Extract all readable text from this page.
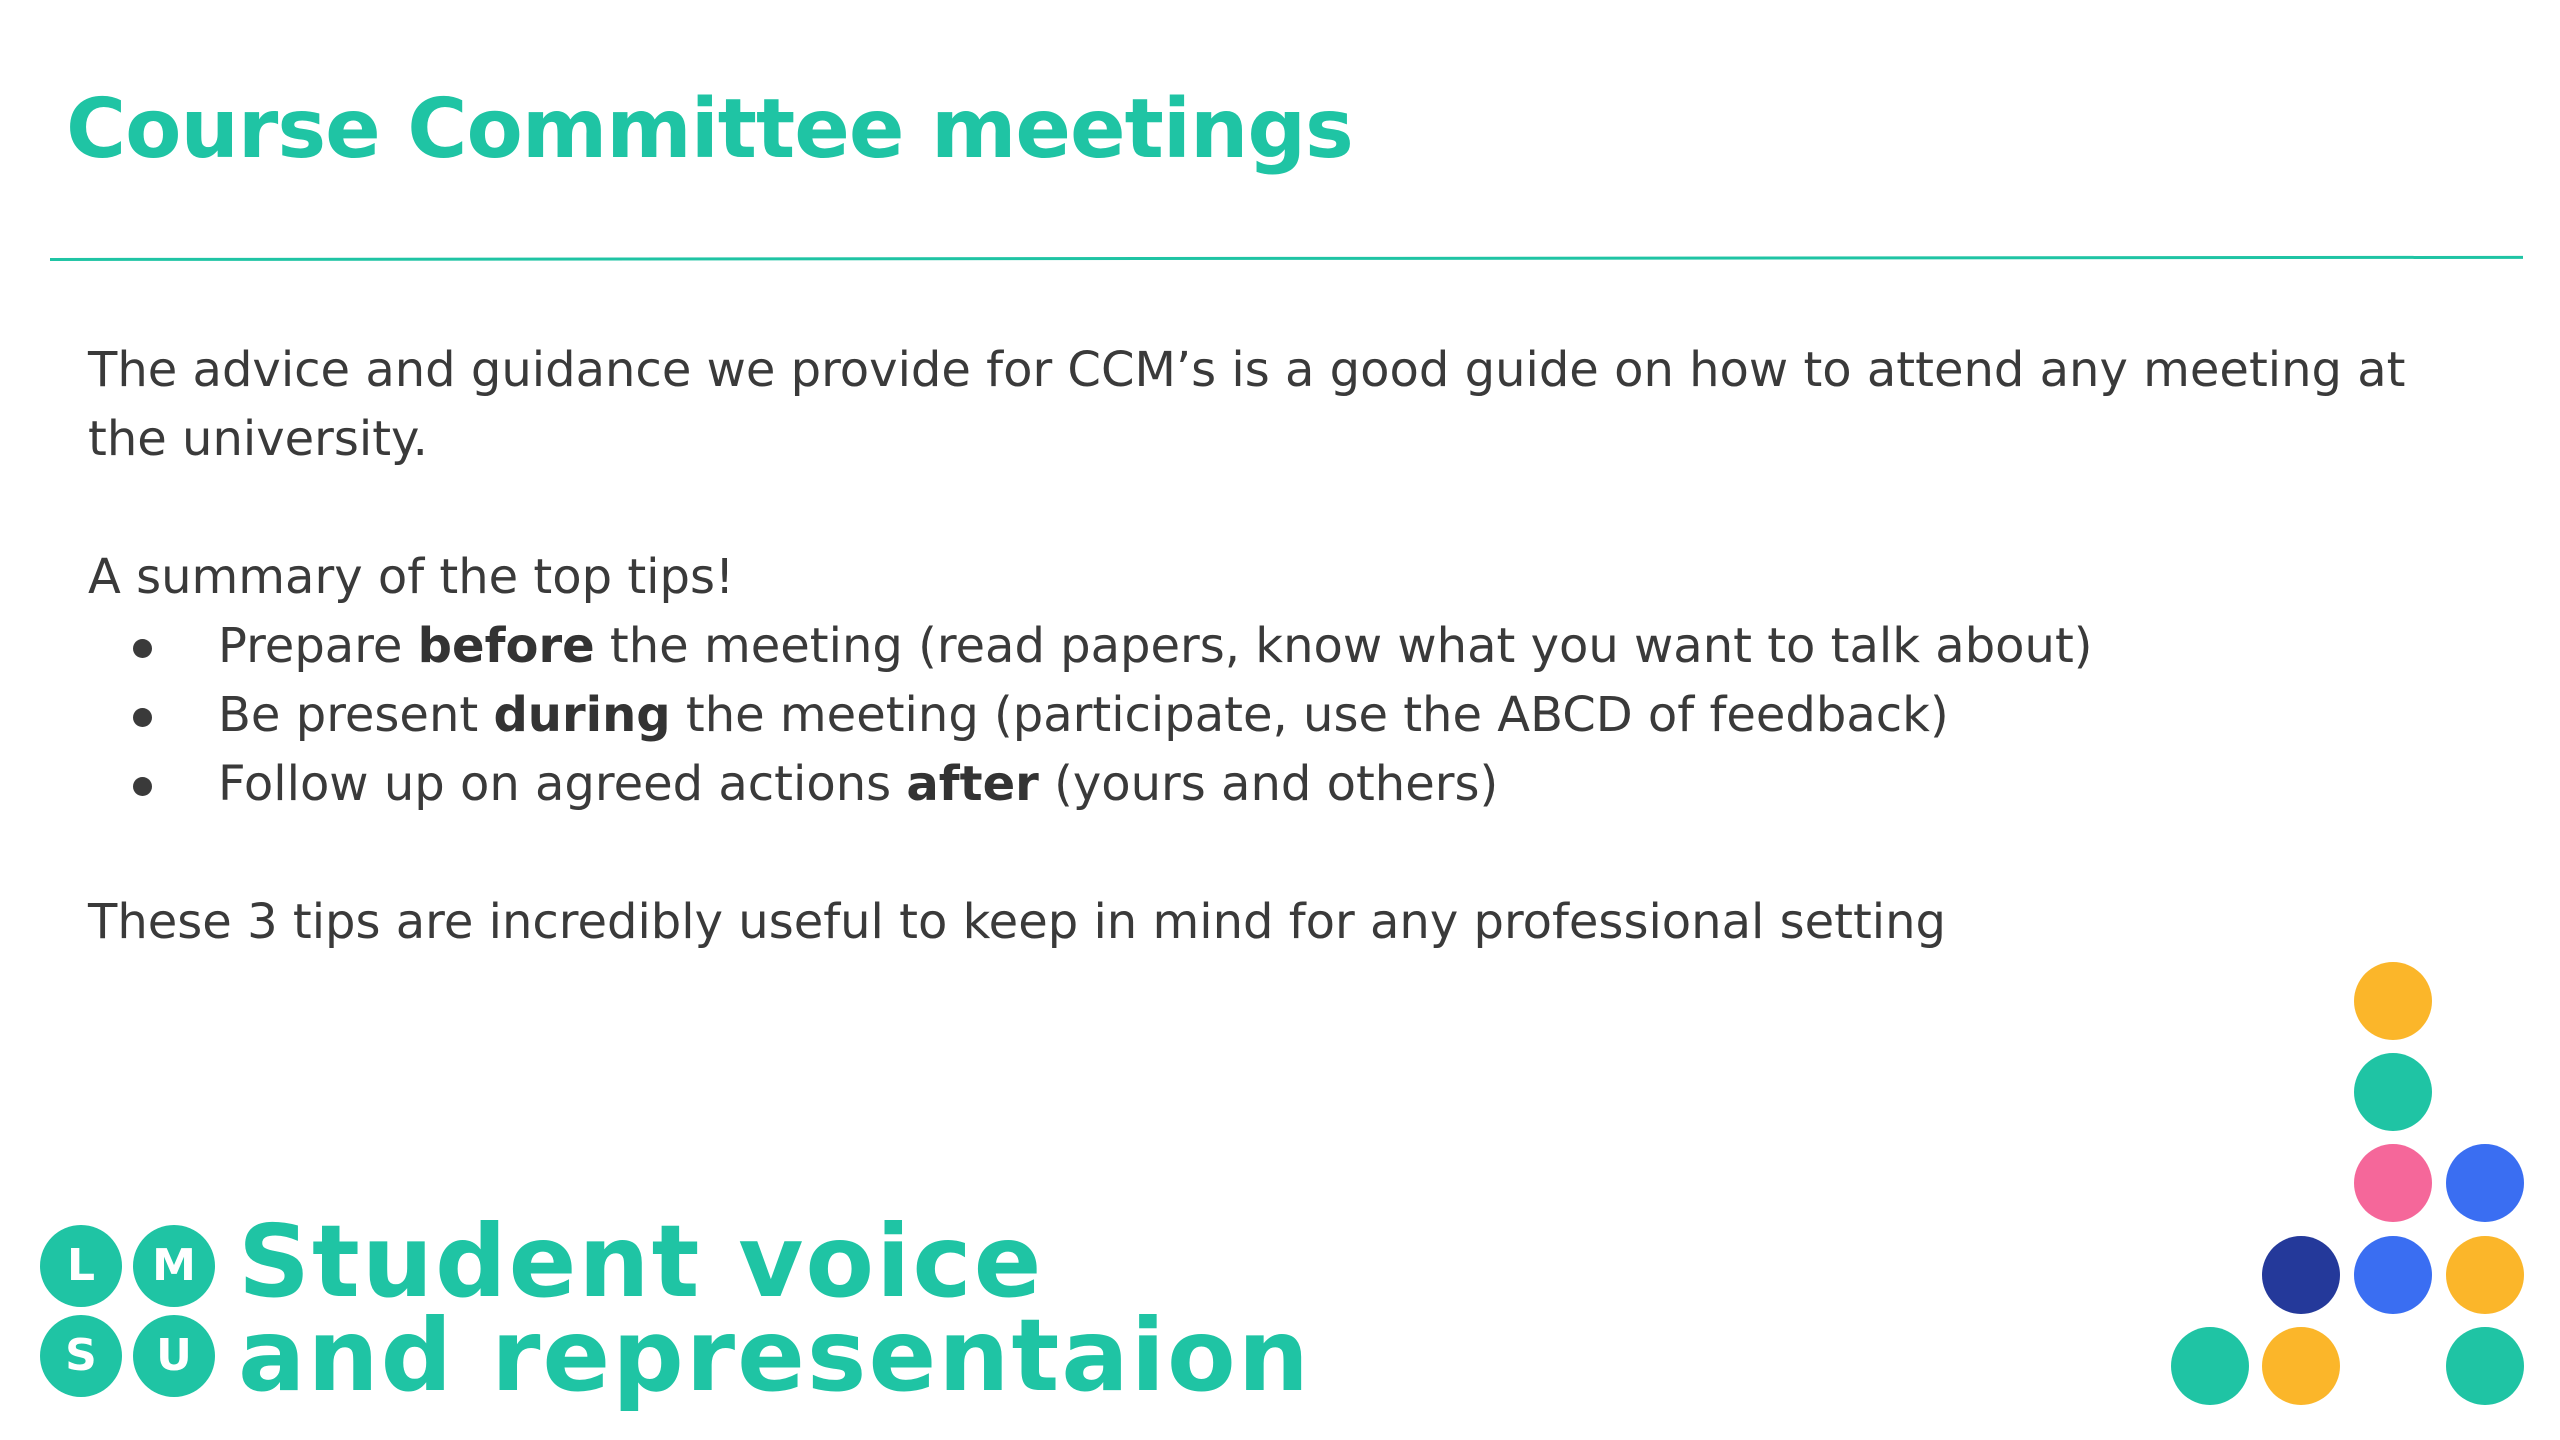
Course Committee meetings

The advice and guidance we provide for CCM’s is a good guide on how to attend any meeting at the university.

A summary of the top tips!

Prepare before the meeting (read papers, know what you want to talk about)
Be present during the meeting (participate, use the ABCD of feedback)
Follow up on agreed actions after (yours and others)

These 3 tips are incredibly useful to keep in mind for any professional setting

L	M
S	U
Student voice
and representaion
